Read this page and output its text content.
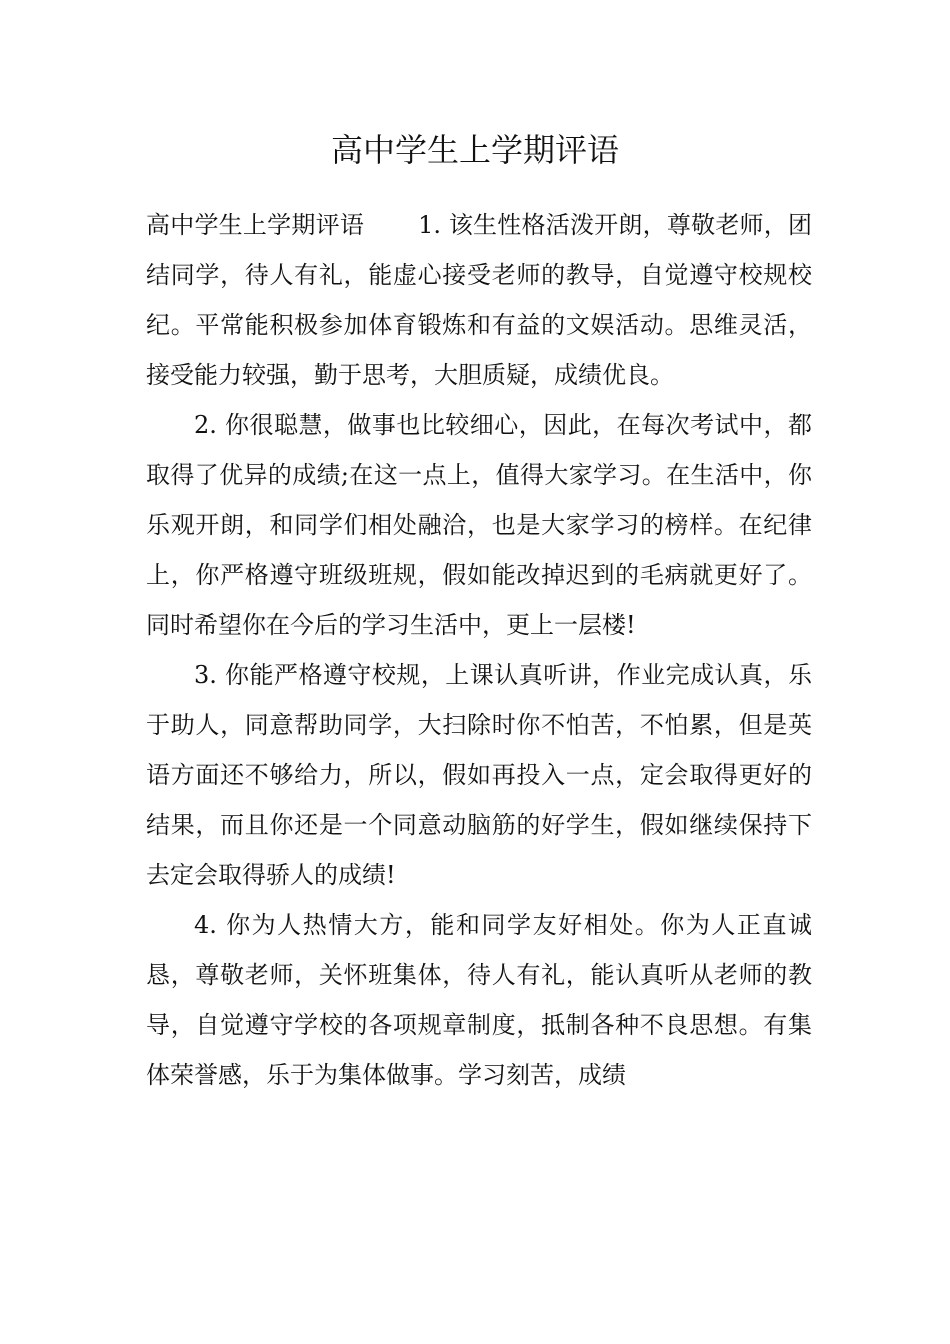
高中学生上学期评语

高中学生上学期评语 1. 该生性格活泼开朗，尊敬老师，团结同学，待人有礼，能虚心接受老师的教导，自觉遵守校规校纪。平常能积极参加体育锻炼和有益的文娱活动。思维灵活，接受能力较强，勤于思考，大胆质疑，成绩优良。

2. 你很聪慧，做事也比较细心，因此，在每次考试中，都取得了优异的成绩;在这一点上，值得大家学习。在生活中，你乐观开朗，和同学们相处融洽，也是大家学习的榜样。在纪律上，你严格遵守班级班规，假如能改掉迟到的毛病就更好了。同时希望你在今后的学习生活中，更上一层楼!

3. 你能严格遵守校规，上课认真听讲，作业完成认真，乐于助人，同意帮助同学，大扫除时你不怕苦，不怕累，但是英语方面还不够给力，所以，假如再投入一点，定会取得更好的结果，而且你还是一个同意动脑筋的好学生，假如继续保持下去定会取得骄人的成绩!

4. 你为人热情大方，能和同学友好相处。你为人正直诚恳，尊敬老师，关怀班集体，待人有礼，能认真听从老师的教导，自觉遵守学校的各项规章制度，抵制各种不良思想。有集体荣誉感，乐于为集体做事。学习刻苦，成绩
